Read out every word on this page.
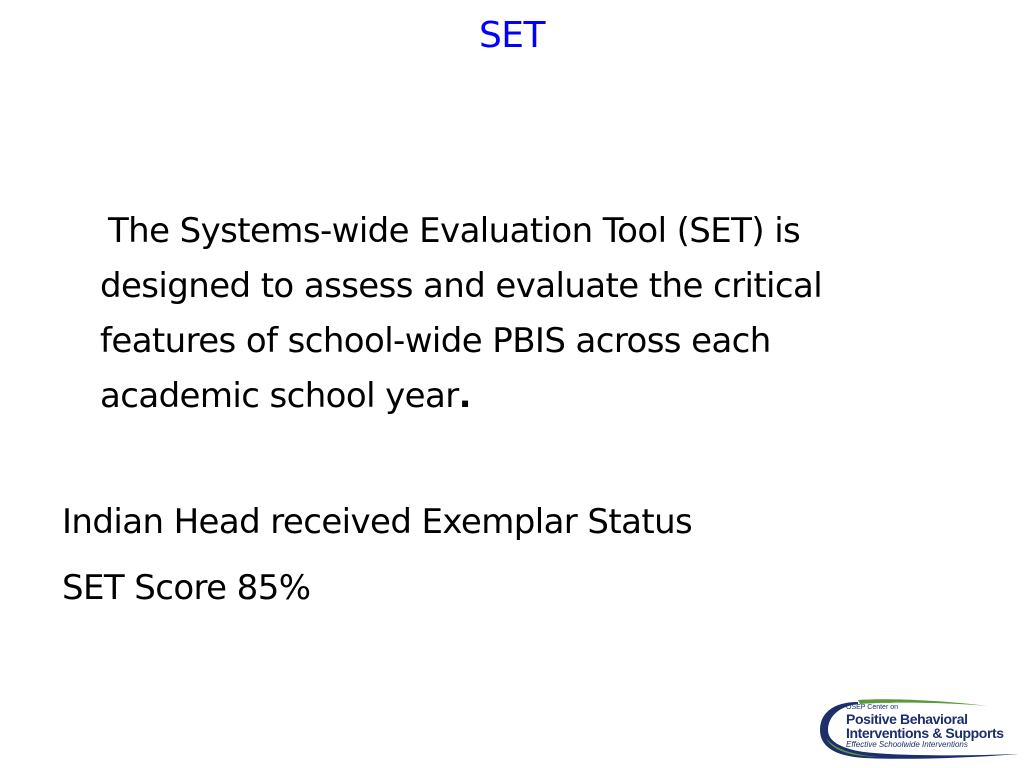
SET

The Systems-wide Evaluation Tool (SET) is designed to assess and evaluate the critical features of school-wide PBIS across each academic school year.

Indian Head received Exemplar Status

SET Score 85%

OSEP Center on
Positive Behavioral
Interventions & Supports
Effective Schoolwide Interventions
